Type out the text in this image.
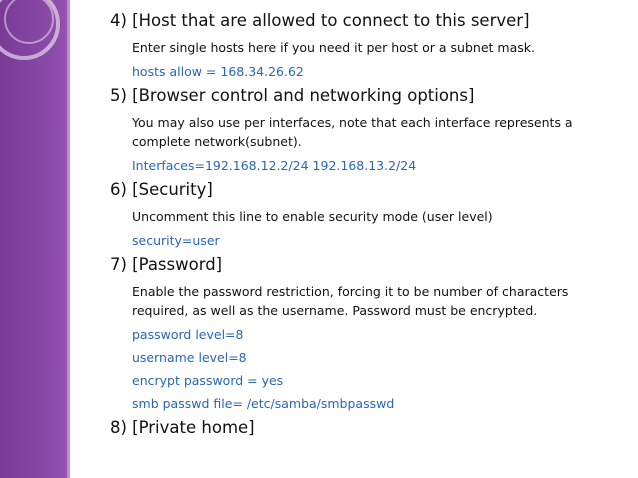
4) [Host that are allowed to connect to this server]
Enter single hosts here if you need it per host or a subnet mask.
hosts allow = 168.34.26.62
5) [Browser control and networking options]
You may also use per interfaces, note that each interface represents a complete network(subnet).
Interfaces=192.168.12.2/24 192.168.13.2/24
6) [Security]
Uncomment this line to enable security mode (user level)
security=user
7) [Password]
Enable the password restriction, forcing it to be number of characters required, as well as the username. Password must be encrypted.
password level=8
username level=8
encrypt password = yes
smb passwd file= /etc/samba/smbpasswd
8) [Private home]
